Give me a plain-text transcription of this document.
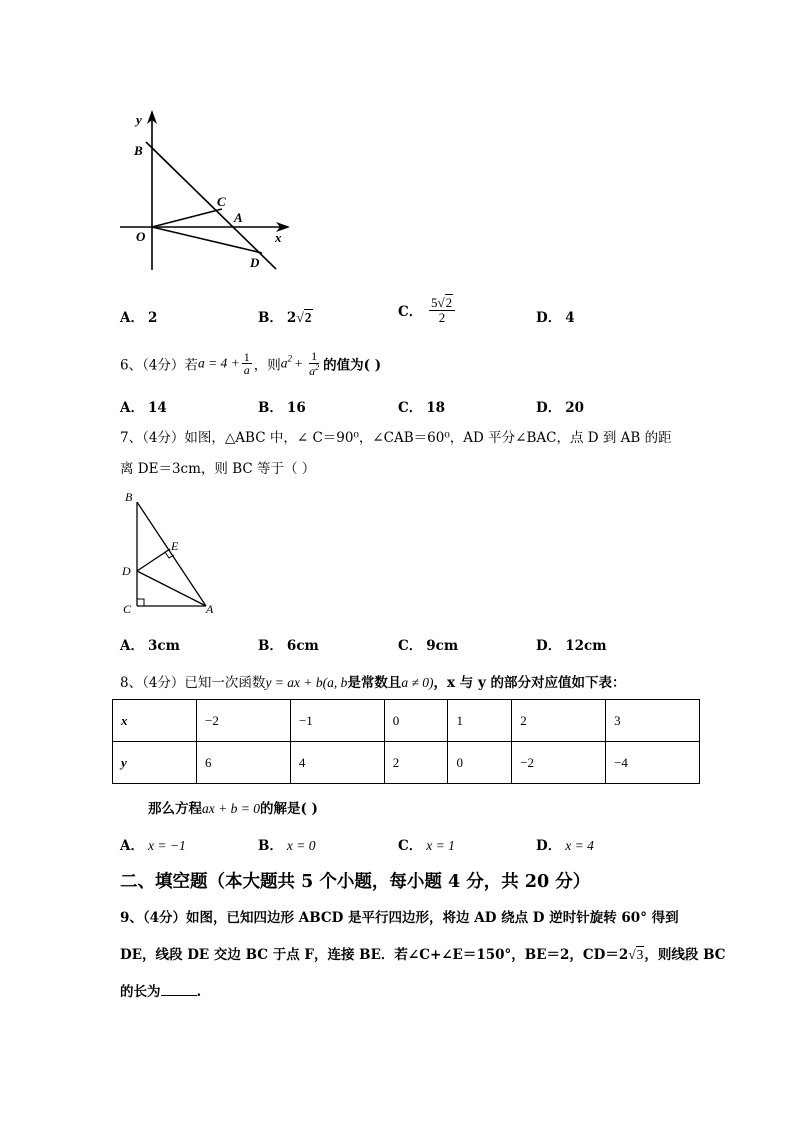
y
B
C
A
O	x
D
A． 2	B． 2√2	C． $\frac{5√2}{2}$	D． 4
6、（4分）若$a = 4 + \frac{1}{a}$ ，则$a^2 + \frac{1}{a^2}$ 的值为( )
A． 14	B． 16	C． 18	D． 20
7、（4分）如图，△ABC 中，∠ C＝90⁰，∠CAB＝60⁰，AD 平分∠BAC，点 D 到 AB 的距
离 DE＝3cm，则 BC 等于（ ）
B
E
D
C	A
A． 3cm	B． 6cm	C． 9cm	D． 12cm
8、（4分）已知一次函数y = ax + b(a, b是常数且a ≠ 0)，x 与 y 的部分对应值如下表：
x	−2	−1	0	1	2	3
y	6	4	2	0	−2	−4
那么方程ax + b = 0的解是( )
A． x = −1	B． x = 0	C． x = 1	D． x = 4
二、填空题（本大题共 5 个小题，每小题 4 分，共 20 分）
9、（4分）如图，已知四边形 ABCD 是平行四边形，将边 AD 绕点 D 逆时针旋转 60° 得到
DE，线段 DE 交边 BC 于点 F，连接 BE．若∠C+∠E＝150°，BE＝2，CD＝2√3，则线段 BC
的长为	.
